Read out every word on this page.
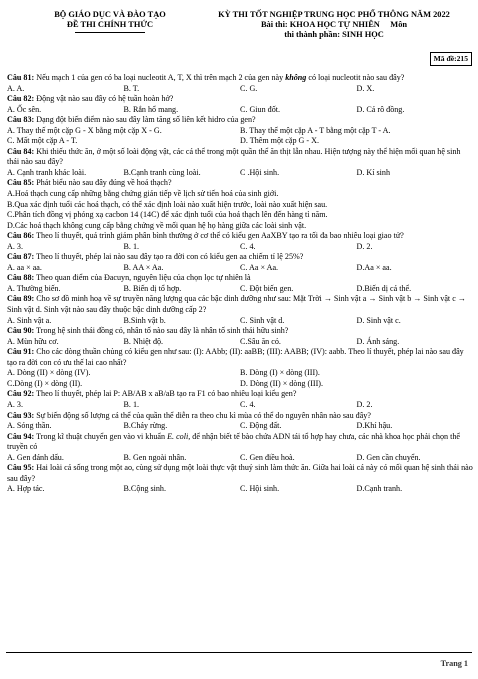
BỘ GIÁO DỤC VÀ ĐÀO TẠO
ĐỀ THI CHÍNH THỨC
KỲ THI TỐT NGHIỆP TRUNG HỌC PHỔ THÔNG NĂM 2022
Bài thi: KHOA HỌC TỰ NHIÊN     Môn
thi thành phần: SINH HỌC
Mã đề:215
Câu 81: Nếu mạch 1 của gen có ba loại nucleotit A, T, X thì trên mạch 2 của gen này không có loại nucleotit nào sau đây?
A. A.	B. T.	C. G.	D. X.
Câu 82: Động vật nào sau đây có hệ tuần hoàn hở?
A. Ốc sên.	B. Rắn hổ mang.	C. Giun đốt.	D. Cá rô đồng.
Câu 83: Dạng đột biến điểm nào sau đây làm tăng số liên kết hidro của gen?
A. Thay thế một cặp G - X bằng một cặp X - G.	B. Thay thế một cặp A - T bằng một cặp T - A.
C. Mất một cặp A - T.	D. Thêm một cặp G - X.
Câu 84: Khi thiếu thức ăn, ở một số loài động vật, các cá thể trong một quần thể ăn thịt lẫn nhau. Hiện tượng này thể hiện mối quan hệ sinh thái nào sau đây?
A. Cạnh tranh khác loài.	B.Cạnh tranh cùng loài.	C .Hội sinh.	D. Kí sinh
Câu 85: Phát biểu nào sau đây đúng về hoá thạch?
A.Hoá thạch cung cấp những bằng chứng gián tiếp về lịch sử tiến hoá của sinh giới.
B.Qua xác định tuổi các hoá thạch, có thể xác định loài nào xuất hiện trước, loài nào xuất hiện sau.
C.Phân tích đồng vị phóng xạ cacbon 14 (14C) để xác định tuổi của hoá thạch lên đến hàng tỉ năm.
D.Các hoá thạch không cung cấp bằng chứng về mối quan hệ họ hàng giữa các loài sinh vật.
Câu 86: Theo lí thuyết, quá trình giảm phân bình thường ở cơ thể có kiểu gen AaXBY tạo ra tối đa bao nhiêu loại giao tử?
A. 3.	B. 1.	C. 4.	D. 2.
Câu 87: Theo lí thuyết, phép lai nào sau đây tạo ra đời con có kiểu gen aa chiếm tỉ lệ 25%?
A. aa × aa.	B. AA × Aa.	C. Aa × Aa.	D.Aa × aa.
Câu 88: Theo quan điểm của Đacuyn, nguyên liệu của chọn lọc tự nhiên là
A. Thường biến.	B. Biến dị tổ hợp.	C. Đột biến gen.	D.Biến dị cá thể.
Câu 89: Cho sơ đồ minh hoạ về sự truyền năng lượng qua các bậc dinh dưỡng như sau: Mặt Trời → Sinh vật a → Sinh vật b → Sinh vật c → Sinh vật d. Sinh vật nào sau đây thuộc bậc dinh dưỡng cấp 2?
A. Sinh vật a.	B.Sinh vật b.	C. Sinh vật d.	D. Sinh vật c.
Câu 90: Trong hệ sinh thái đồng cỏ, nhân tố nào sau đây là nhân tố sinh thái hữu sinh?
A. Mùn hữu cơ.	B. Nhiệt độ.	C.Sâu ăn cỏ.	D. Ánh sáng.
Câu 91: Cho các dòng thuần chủng có kiểu gen như sau: (I): AAbb; (II): aaBB; (III): AABB; (IV): aabb. Theo lí thuyết, phép lai nào sau đây tạo ra đời con có ưu thế lai cao nhất?
A. Dòng (II) × dòng (IV).	B. Dòng (I) × dòng (III).
C.Dòng (I) × dòng (II).	D. Dòng (II) × dòng (III).
Câu 92: Theo lí thuyết, phép lai P: AB/AB x aB/aB tạo ra F1 có bao nhiêu loại kiểu gen?
A. 3.	B. 1.	C. 4.	D. 2.
Câu 93: Sự biến động số lượng cá thể của quần thể diễn ra theo chu kì mùa có thể do nguyên nhân nào sau đây?
A. Sóng thần.	B.Cháy rừng.	C. Động đất.	D.Khí hậu.
Câu 94: Trong kĩ thuật chuyển gen vào vi khuẩn E. coli, để nhận biết tế bào chứa ADN tái tổ hợp hay chưa, các nhà khoa học phải chọn thể truyền có
A. Gen đánh dấu.	B. Gen ngoài nhân.	C. Gen điều hoà.	D. Gen cần chuyển.
Câu 95: Hai loài cá sống trong một ao, cùng sử dụng một loài thực vật thuỷ sinh làm thức ăn. Giữa hai loài cá này có mối quan hệ sinh thái nào sau đây?
A. Hợp tác.	B.Cộng sinh.	C. Hội sinh.	D.Cạnh tranh.
Trang 1
